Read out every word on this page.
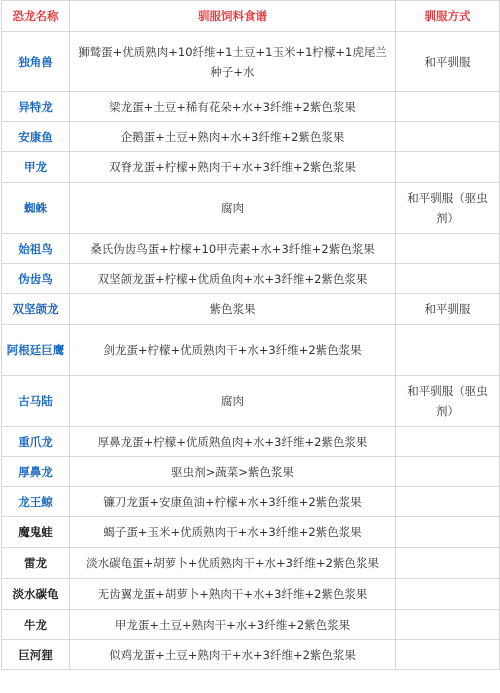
恐龙名称	驯服饲料食谱	驯服方式
独角兽	狮鹫蛋+优质熟肉+10纤维+1土豆+1玉米+1柠檬+1虎尾兰种子+水	和平驯服
异特龙	梁龙蛋+土豆+稀有花朵+水+3纤维+2紫色浆果	
安康鱼	企鹅蛋+土豆+熟肉+水+3纤维+2紫色浆果	
甲龙	双脊龙蛋+柠檬+熟肉干+水+3纤维+2紫色浆果	
蜘蛛	腐肉	和平驯服（驱虫剂）
始祖鸟	桑氏伪齿鸟蛋+柠檬+10甲壳素+水+3纤维+2紫色浆果	
伪齿鸟	双坚颌龙蛋+柠檬+优质鱼肉+水+3纤维+2紫色浆果	
双坚颌龙	紫色浆果	和平驯服
阿根廷巨鹰	剑龙蛋+柠檬+优质熟肉干+水+3纤维+2紫色浆果	
古马陆	腐肉	和平驯服（驱虫剂）
重爪龙	厚鼻龙蛋+柠檬+优质熟鱼肉+水+3纤维+2紫色浆果	
厚鼻龙	驱虫剂>蔬菜>紫色浆果	
龙王鲸	镰刀龙蛋+安康鱼油+柠檬+水+3纤维+2紫色浆果	
魔鬼蛙	蝎子蛋+玉米+优质熟肉干+水+3纤维+2紫色浆果	
雷龙	淡水碳龟蛋+胡萝卜+优质熟肉干+水+3纤维+2紫色浆果	
淡水碳龟	无齿翼龙蛋+胡萝卜+熟肉干+水+3纤维+2紫色浆果	
牛龙	甲龙蛋+土豆+熟肉干+水+3纤维+2紫色浆果	
巨河狸	似鸡龙蛋+土豆+熟肉干+水+3纤维+2紫色浆果	
